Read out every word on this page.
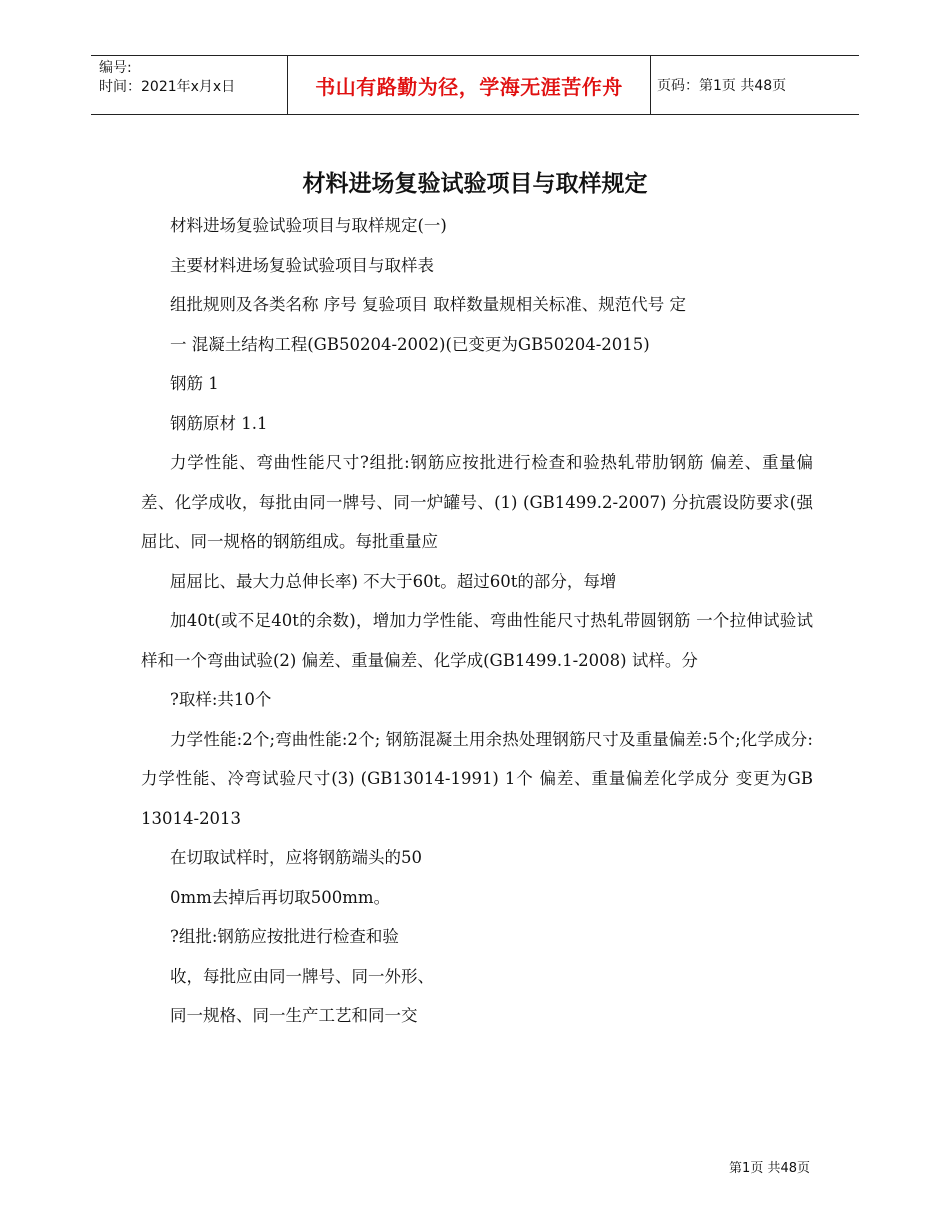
编号:
时间：2021年x月x日	书山有路勤为径，学海无涯苦作舟 页码：第1页 共48页
材料进场复验试验项目与取样规定

材料进场复验试验项目与取样规定(一)

主要材料进场复验试验项目与取样表

组批规则及各类名称 序号 复验项目 取样数量规相关标准、规范代号 定

一 混凝土结构工程(GB50204-2002)(已变更为GB50204-2015)

钢筋 1

钢筋原材 1.1

力学性能、弯曲性能尺寸?组批:钢筋应按批进行检查和验热轧带肋钢筋 偏差、重量偏差、化学成收，每批由同一牌号、同一炉罐号、(1) (GB1499.2-2007) 分抗震设防要求(强屈比、同一规格的钢筋组成。每批重量应

屈屈比、最大力总伸长率) 不大于60t。超过60t的部分，每增

加40t(或不足40t的余数)，增加力学性能、弯曲性能尺寸热轧带圆钢筋 一个拉伸试验试样和一个弯曲试验(2) 偏差、重量偏差、化学成(GB1499.1-2008) 试样。分

?取样:共10个

力学性能:2个;弯曲性能:2个; 钢筋混凝土用余热处理钢筋尺寸及重量偏差:5个;化学成分:力学性能、冷弯试验尺寸(3) (GB13014-1991) 1个 偏差、重量偏差化学成分 变更为GB 13014-2013

在切取试样时，应将钢筋端头的50

0mm去掉后再切取500mm。

?组批:钢筋应按批进行检查和验

收，每批应由同一牌号、同一外形、

同一规格、同一生产工艺和同一交

第1页 共48页
